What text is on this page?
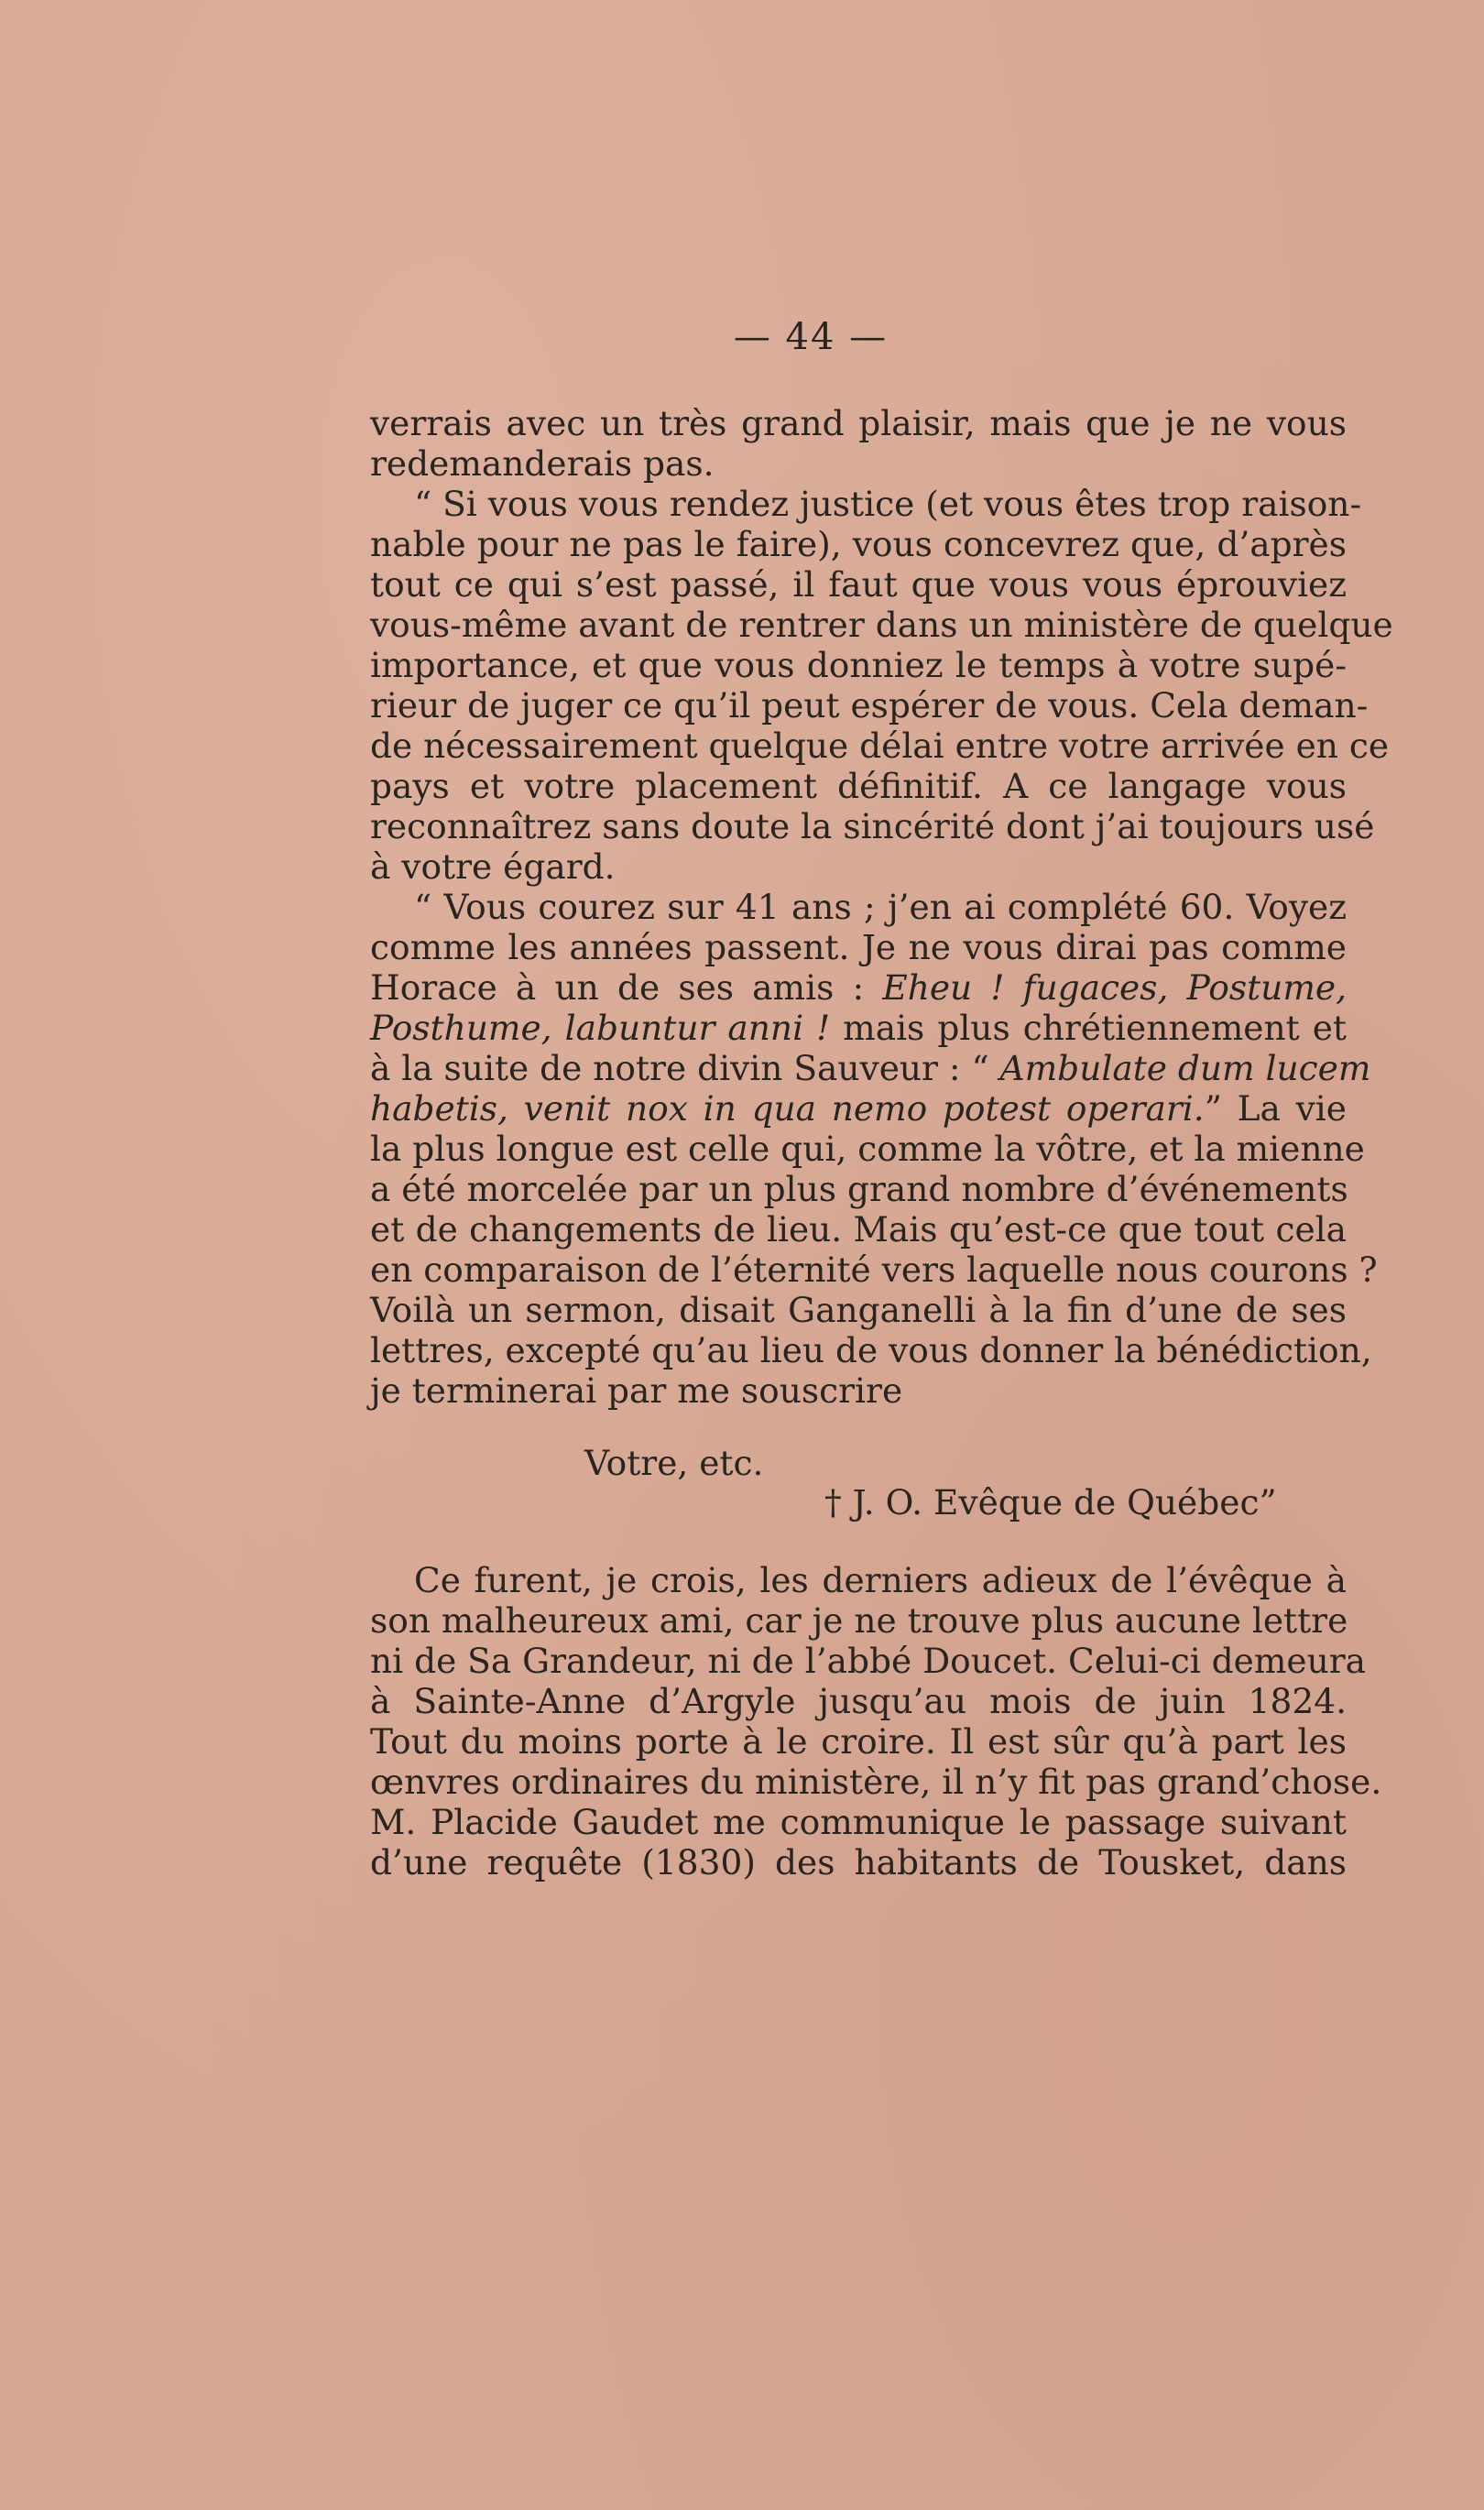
— 44 —
verrais avec un très grand plaisir, mais que je ne vous
redemanderais pas.
“ Si vous vous rendez justice (et vous êtes trop raison-
nable pour ne pas le faire), vous concevrez que, d’après
tout ce qui s’est passé, il faut que vous vous éprouviez
vous-même avant de rentrer dans un ministère de quelque
importance, et que vous donniez le temps à votre supé-
rieur de juger ce qu’il peut espérer de vous. Cela deman-
de nécessairement quelque délai entre votre arrivée en ce
pays et votre placement définitif. A ce langage vous
reconnaîtrez sans doute la sincérité dont j’ai toujours usé
à votre égard.
“ Vous courez sur 41 ans ; j’en ai complété 60. Voyez
comme les années passent. Je ne vous dirai pas comme
Horace à un de ses amis : Eheu ! fugaces, Postume,
Posthume, labuntur anni ! mais plus chrétiennement et
à la suite de notre divin Sauveur : “ Ambulate dum lucem
habetis, venit nox in qua nemo potest operari.” La vie
la plus longue est celle qui, comme la vôtre, et la mienne
a été morcelée par un plus grand nombre d’événements
et de changements de lieu. Mais qu’est-ce que tout cela
en comparaison de l’éternité vers laquelle nous courons ?
Voilà un sermon, disait Ganganelli à la fin d’une de ses
lettres, excepté qu’au lieu de vous donner la bénédiction,
je terminerai par me souscrire
Votre, etc.
† J. O. Evêque de Québec”
Ce furent, je crois, les derniers adieux de l’évêque à
son malheureux ami, car je ne trouve plus aucune lettre
ni de Sa Grandeur, ni de l’abbé Doucet. Celui-ci demeura
à Sainte-Anne d’Argyle jusqu’au mois de juin 1824.
Tout du moins porte à le croire. Il est sûr qu’à part les
œnvres ordinaires du ministère, il n’y fit pas grand’chose.
M. Placide Gaudet me communique le passage suivant
d’une requête (1830) des habitants de Tousket, dans
